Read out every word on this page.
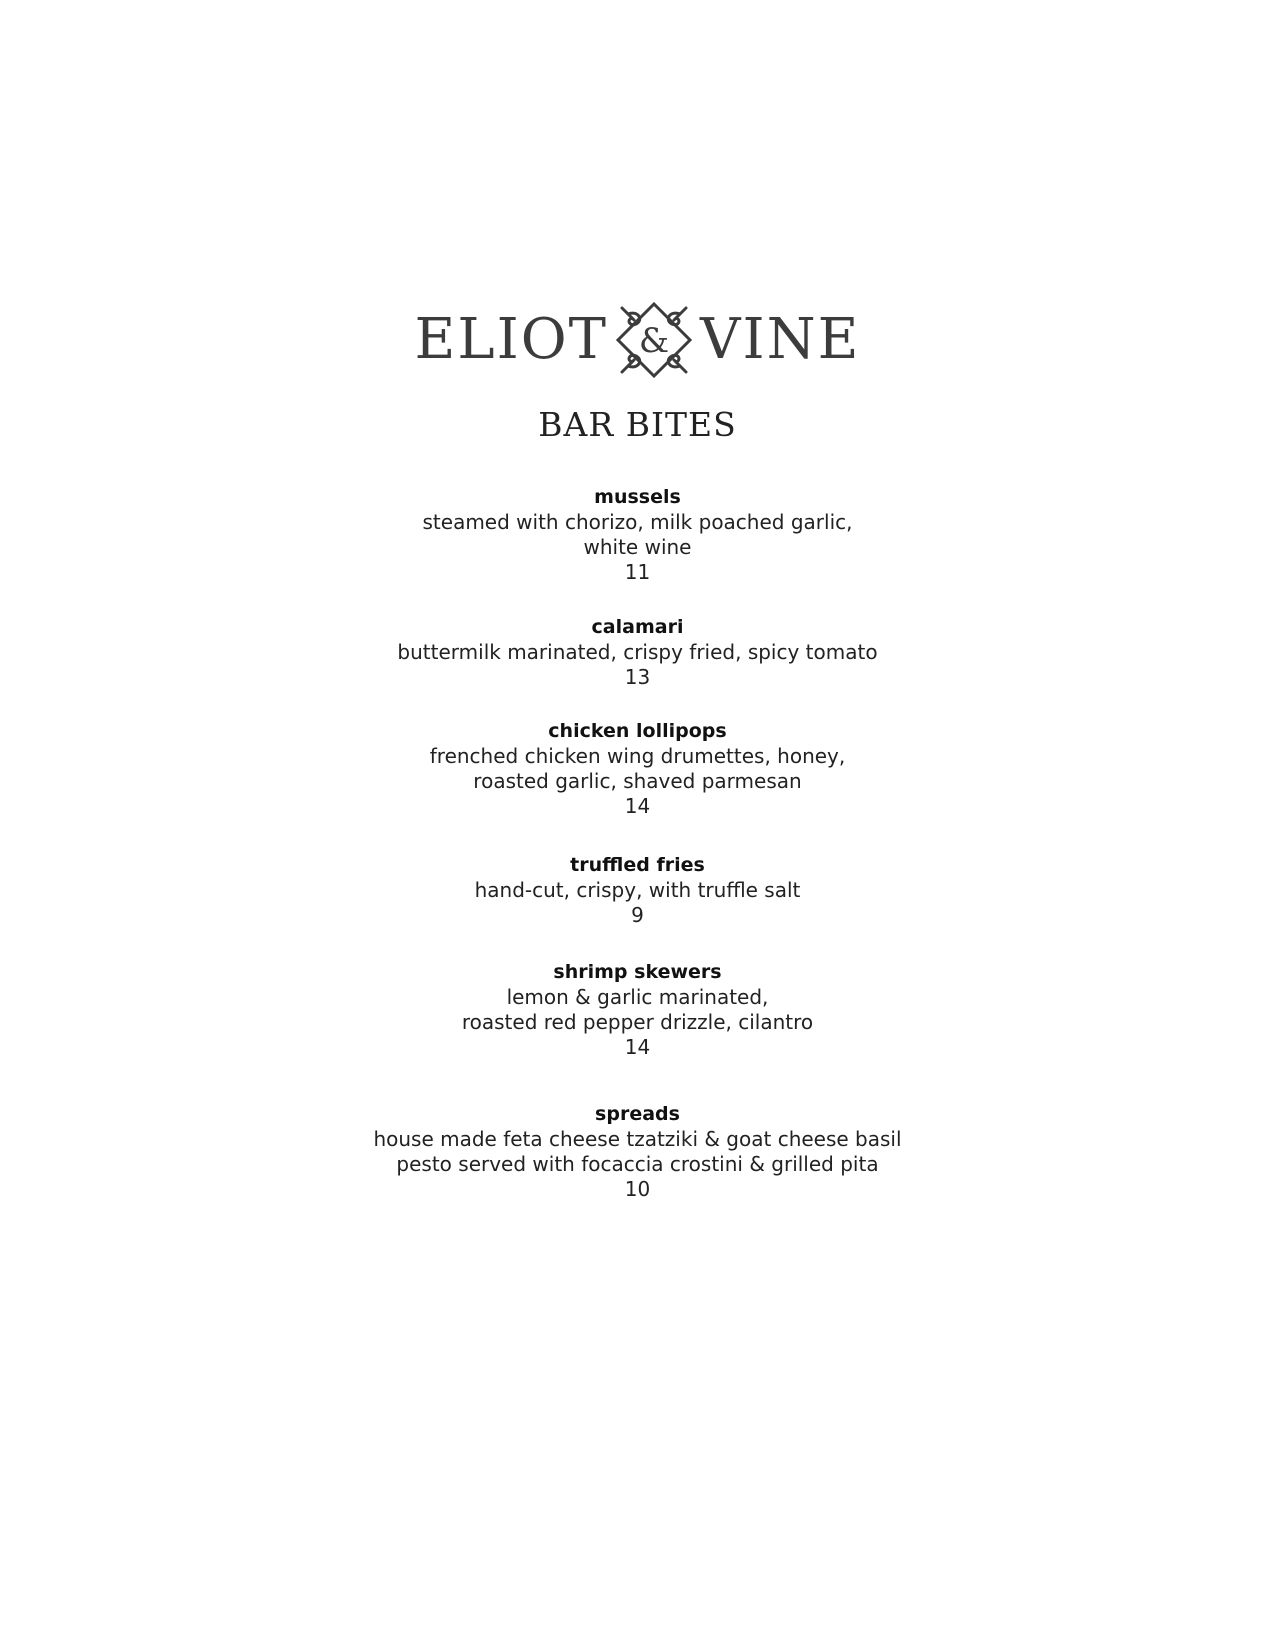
ELIOT & VINE
BAR BITES
mussels
steamed with chorizo, milk poached garlic,
white wine
11
calamari
buttermilk marinated, crispy fried, spicy tomato
13
chicken lollipops
frenched chicken wing drumettes, honey,
roasted garlic, shaved parmesan
14
truffled fries
hand-cut, crispy, with truffle salt
9
shrimp skewers
lemon & garlic marinated,
roasted red pepper drizzle, cilantro
14
spreads
house made feta cheese tzatziki & goat cheese basil
pesto served with focaccia crostini & grilled pita
10
